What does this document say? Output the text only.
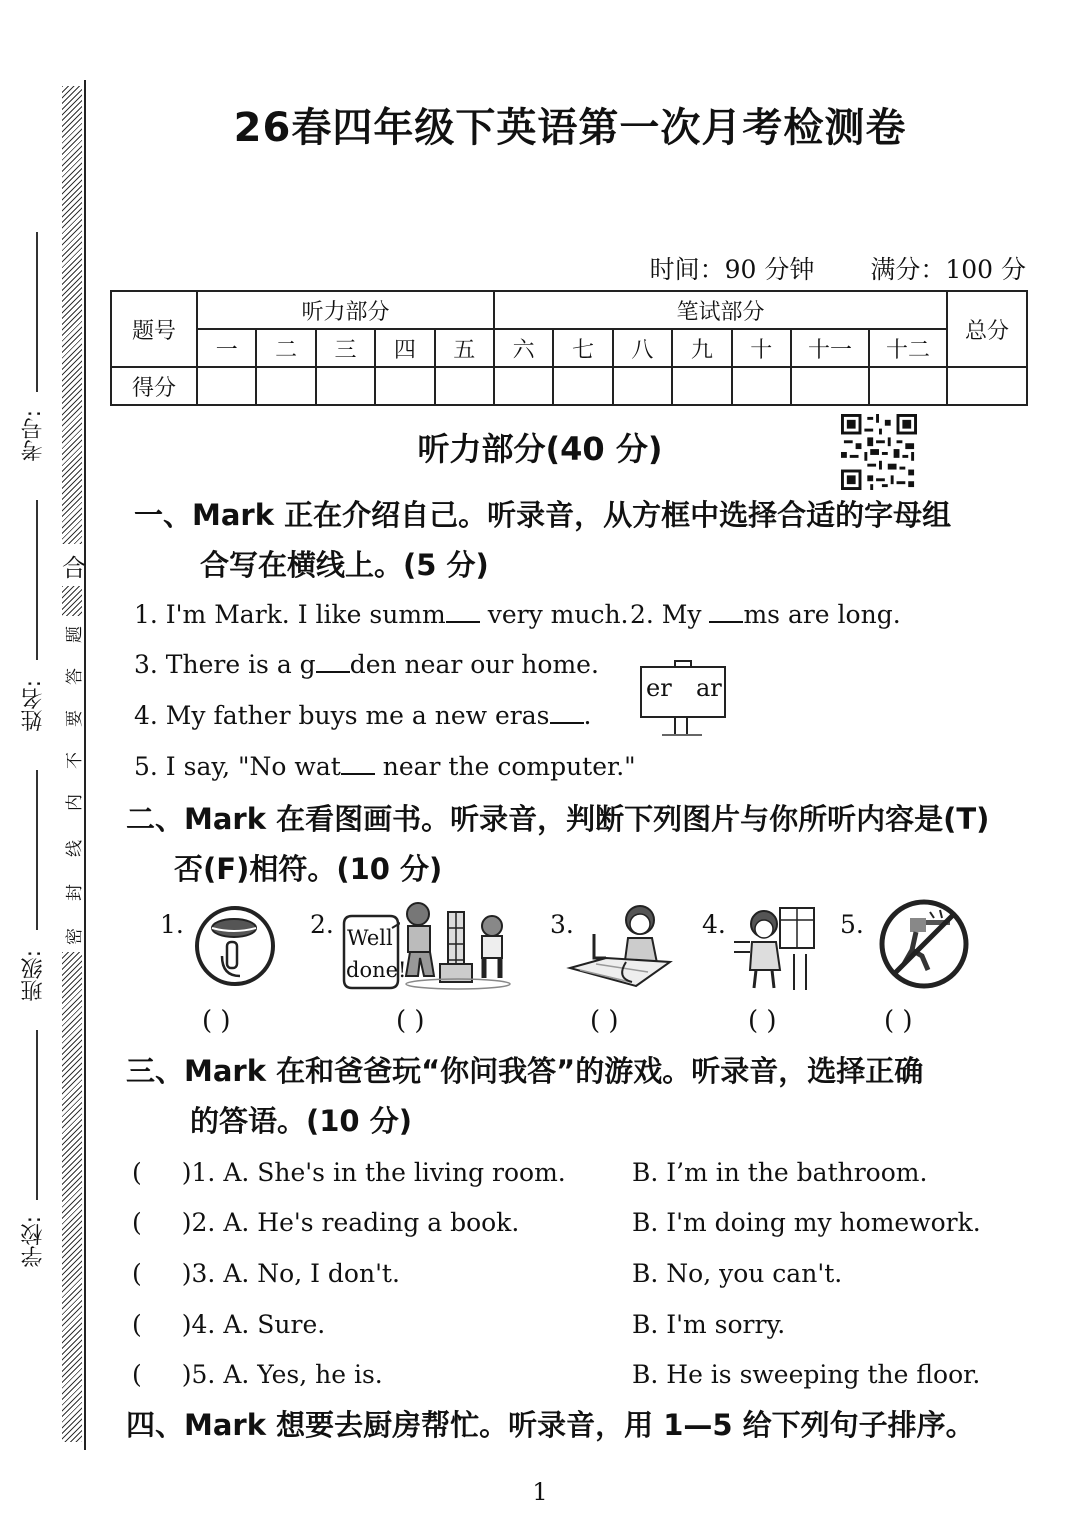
合
题
答
要
不
内
线
封
密
考号:
姓名:
班级:
学校:
26春四年级下英语第一次月考检测卷
时间：90 分钟 满分：100 分
题号	听力部分					笔试部分							总分
	一	二	三	四	五	六	七	八	九	十	十一	十二	
得分													
听力部分(40 分)
一、Mark 正在介绍自己。听录音，从方框中选择合适的字母组
合写在横线上。(5 分)
1. I'm Mark. I like summ very much. 2. My ms are long.
3. There is a g den near our home.
4. My father buys me a new eras .
5. I say, "No wat near the computer."
er ar
二、Mark 在看图画书。听录音，判断下列图片与你所听内容是(T)
否(F)相符。(10 分)
1.	2.	3.	4.	5.
Well
done!
( )	( )	( )	( )	( )
三、Mark 在和爸爸玩“你问我答”的游戏。听录音，选择正确
的答语。(10 分)
( )1. A. She's in the living room.	B. I’m in the bathroom.
( )2. A. He's reading a book.	B. I'm doing my homework.
( )3. A. No, I don't.	B. No, you can't.
( )4. A. Sure.	B. I'm sorry.
( )5. A. Yes, he is.	B. He is sweeping the floor.
四、Mark 想要去厨房帮忙。听录音，用 1—5 给下列句子排序。
1
